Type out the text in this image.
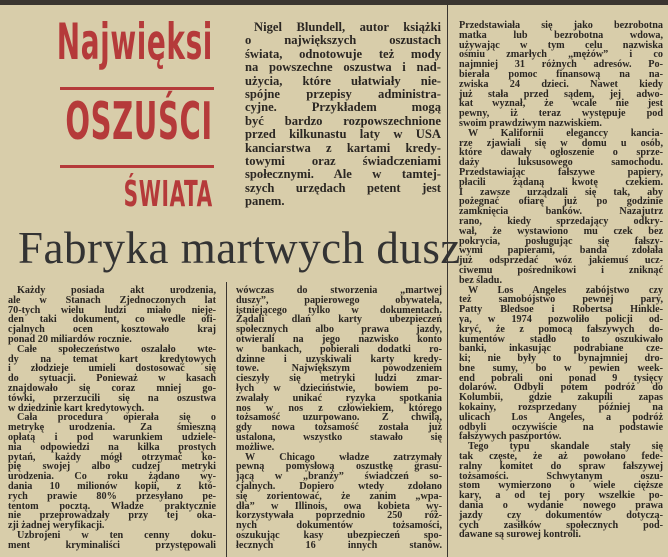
Najwięksi
OSZUŚCI
ŚWIATA
Fabryka martwych dusz
Nigel Blundell, autor książki
o największych oszustach
świata, odnotowuje też mody
na powszechne oszustwa i nad-
użycia, które ułatwiały nie-
spójne przepisy administra-
cyjne. Przykładem mogą
być bardzo rozpowszechnione
przed kilkunastu laty w USA
kanciarstwa z kartami kredy-
towymi oraz świadczeniami
społecznymi. Ale w tamtej-
szych urzędach petent jest
panem.
Każdy posiada akt urodzenia,
ale w Stanach Zjednoczonych lat
70-tych wielu ludzi miało nieje-
den taki dokument, co wedle ofi-
cjalnych ocen kosztowało kraj
ponad 20 miliardów rocznie.
Całe społeczeństwo oszalało wte-
dy na temat kart kredytowych
i złodzieje umieli dostosować się
do sytuacji. Ponieważ w kasach
znajdowało się coraz mniej go-
tówki, przerzucili się na oszustwa
w dziedzinie kart kredytowych.
Cała procedura opierała się o
metrykę urodzenia. Za śmieszną
opłatą i pod warunkiem udziele-
nia odpowiedzi na kilka prostych
pytań, każdy mógł otrzymać ko-
pię swojej albo cudzej metryki
urodzenia. Co roku żądano wy-
dania 10 milionów kopii, z któ-
rych prawie 80% przesyłano pe-
tentom pocztą. Władze praktycznie
nie przeprowadzały przy tej oka-
zji żadnej weryfikacji.
Uzbrojeni w ten cenny doku-
ment kryminaliści przystępowali
wówczas do stworzenia „martwej
duszy”, papierowego obywatela,
istniejącego tylko w dokumentach.
Żądali dlań karty ubezpieczeń
społecznych albo prawa jazdy,
otwierali na jego nazwisko konto
w bankach, pobierali dodatki ro-
dzinne i uzyskiwali karty kredy-
towe. Największym powodzeniem
cieszyły się metryki ludzi zmar-
łych w dzieciństwie, bowiem po-
zwalały unikać ryzyka spotkania
nos w nos z człowiekiem, którego
tożsamość uzurpowano. Z chwilą,
gdy nowa tożsamość została już
ustalona, wszystko stawało się
możliwe.
W Chicago władze zatrzymały
pewną pomysłową oszustkę grasu-
jącą w „branży” świadczeń so-
cjalnych. Dopiero wtedy zdołano
się zorientować, że zanim „wpa-
dła” w Illinois, owa kobieta wy-
korzystywała poprzednio 250 róż-
nych dokumentów tożsamości,
oszukując kasy ubezpieczeń spo-
łecznych 16 innych stanów.
Przedstawiała się jako bezrobotna
matka lub bezrobotna wdowa,
używając w tym celu nazwiska
ośmiu zmarłych „mężów” i co
najmniej 31 różnych adresów. Po-
bierała pomoc finansową na na-
zwiska 24 dzieci. Nawet kiedy
już stała przed sądem, jej adwo-
kat wyznał, że wcale nie jest
pewny, iż teraz występuje pod
swoim prawdziwym nazwiskiem.
W Kalifornii eleganccy kancia-
rze zjawiali się w domu u osób,
które dawały ogłoszenie o sprze-
daży luksusowego samochodu.
Przedstawiając fałszywe papiery,
płacili żądaną kwotę czekiem.
I zawsze urządzali się tak, aby
pożegnać ofiarę już po godzinie
zamknięcia banków. Nazajutrz
rano, kiedy sprzedający odkry-
wał, że wystawiono mu czek bez
pokrycia, posługując się fałszy-
wymi papierami, banda zdołała
już odsprzedać wóz jakiemuś ucz-
ciwemu pośrednikowi i zniknąć
bez śladu.
W Los Angeles zabójstwo czy
też samobójstwo pewnej pary,
Patty Bledsoe i Robertsa Hinkle-
ya, w 1974 pozwoliło policji od-
kryć, że z pomocą fałszywych do-
kumentów stadło to oszukiwało
banki, inkasując podrabiane cze-
ki; nie były to bynajmniej dro-
bne sumy, bo w pewien week-
end pobrali oni ponad 9 tysięcy
dolarów. Odbyli potem podróż do
Kolumbii, gdzie zakupili zapas
kokainy, rozsprzedany później na
ulicach Los Angeles, a podróż
odbyli oczywiście na podstawie
fałszywych paszportów.
Tego typu skandale stały się
tak częste, że aż powołano fede-
ralny komitet do spraw fałszywej
tożsamości. Schwytanym oszu-
stom wymierzono o wiele cięższe
kary, a od tej pory wszelkie po-
dania o wydanie nowego prawa
jazdy czy dokumentów dotyczą-
cych zasiłków społecznych pod-
dawane są surowej kontroli.
